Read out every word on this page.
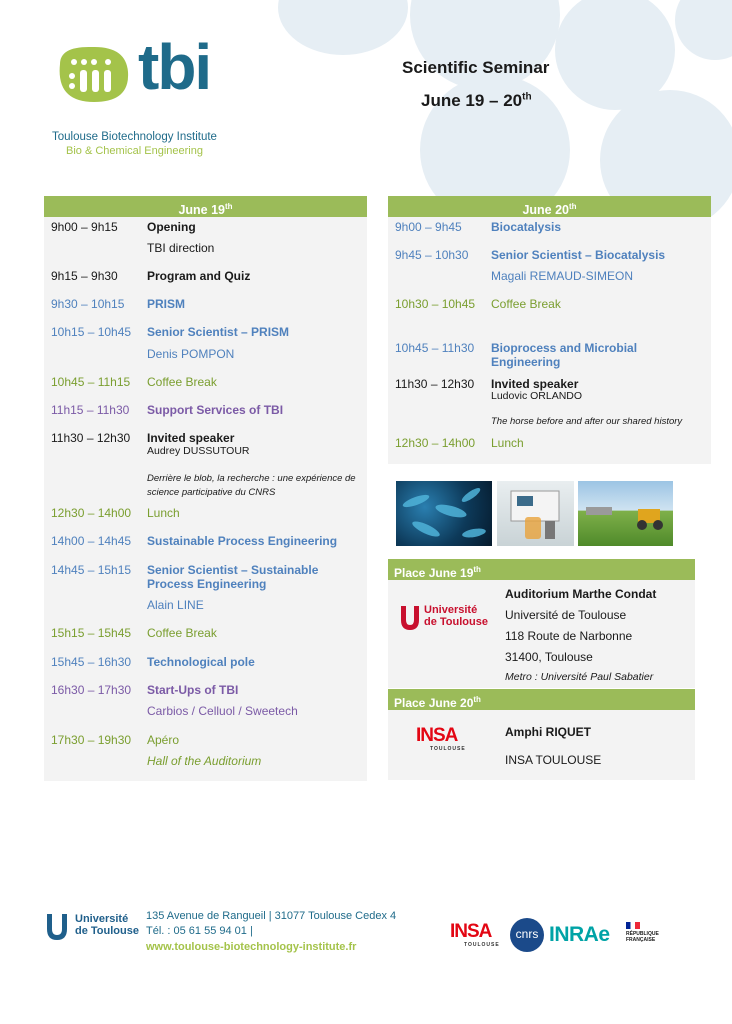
tbi
Toulouse Biotechnology Institute
Bio & Chemical Engineering
Scientific Seminar
June 19 – 20th
June 19th
9h00 – 9h15 Opening
TBI direction
9h15 – 9h30 Program and Quiz
9h30 – 10h15 PRISM
10h15 – 10h45 Senior Scientist – PRISM
Denis POMPON
10h45 – 11h15 Coffee Break
11h15 – 11h30 Support Services of TBI
11h30 – 12h30 Invited speaker
Audrey DUSSUTOUR
Derrière le blob, la recherche : une expérience de
science participative du CNRS
12h30 – 14h00 Lunch
14h00 – 14h45 Sustainable Process Engineering
14h45 – 15h15 Senior Scientist – Sustainable
Process Engineering
Alain LINE
15h15 – 15h45 Coffee Break
15h45 – 16h30 Technological pole
16h30 – 17h30 Start-Ups of TBI
Carbios / Celluol / Sweetech
17h30 – 19h30 Apéro
Hall of the Auditorium
June 20th
9h00 – 9h45 Biocatalysis
9h45 – 10h30 Senior Scientist – Biocatalysis
Magali REMAUD-SIMEON
10h30 – 10h45 Coffee Break
10h45 – 11h30 Bioprocess and Microbial
Engineering
11h30 – 12h30 Invited speaker
Ludovic ORLANDO
The horse before and after our shared history
12h30 – 14h00 Lunch
Place June 19th
Université
de Toulouse
Auditorium Marthe Condat
Université de Toulouse
118 Route de Narbonne
31400, Toulouse
Metro : Université Paul Sabatier
Place June 20th
INSA
TOULOUSE
Amphi RIQUET
INSA TOULOUSE
Université
de Toulouse
135 Avenue de Rangueil | 31077 Toulouse Cedex 4
Tél. : 05 61 55 94 01 |
www.toulouse-biotechnology-institute.fr
INSA
TOULOUSE
cnrs INRAe	RÉPUBLIQUE
FRANÇAISE
